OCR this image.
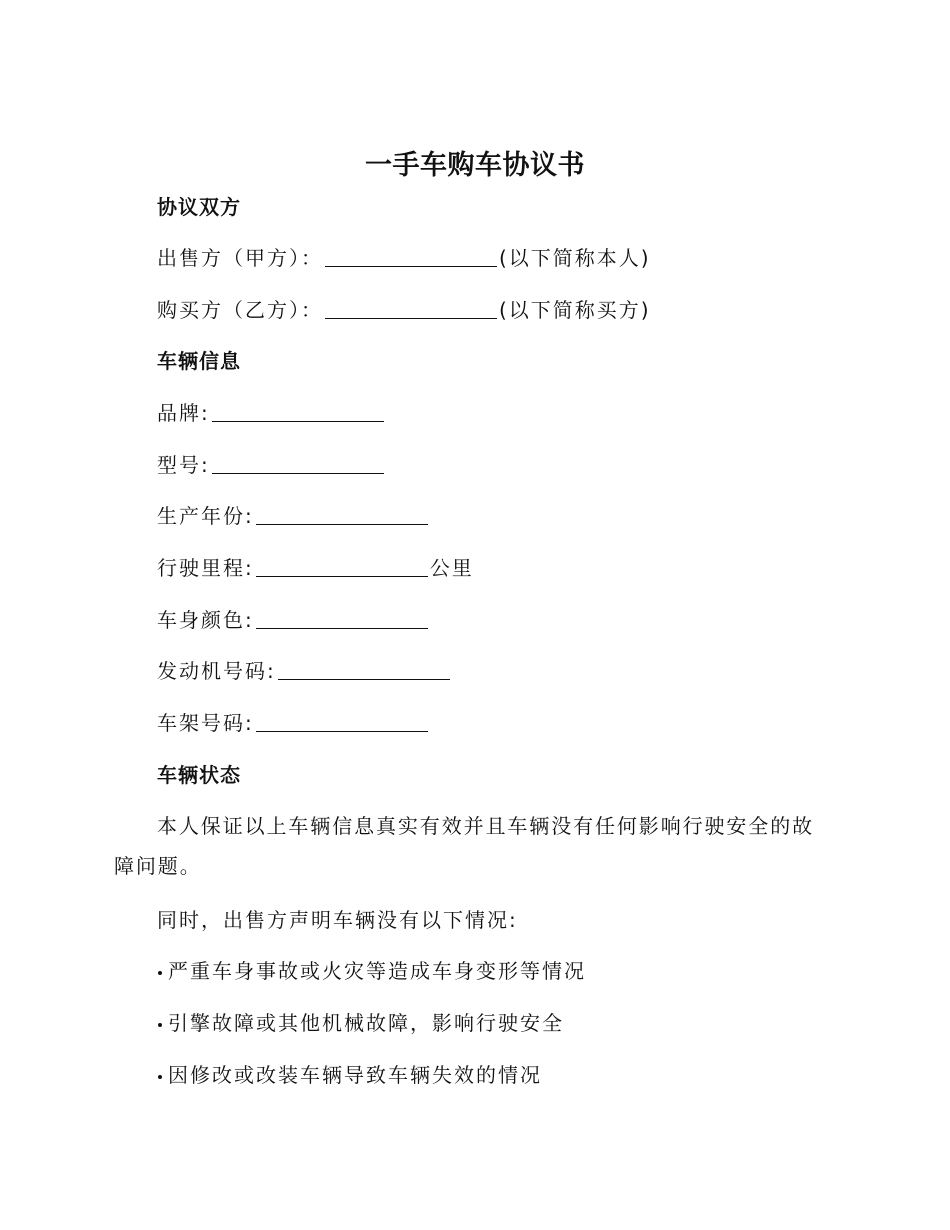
一手车购车协议书
协议双方
出售方（甲方）：	(以下简称本人)
购买方（乙方）：	(以下简称买方)
车辆信息
品牌:
型号:
生产年份:
行驶里程:	公里
车身颜色:
发动机号码:
车架号码:
车辆状态
本人保证以上车辆信息真实有效并且车辆没有任何影响行驶安全的故障问题。
同时，出售方声明车辆没有以下情况:
严重车身事故或火灾等造成车身变形等情况
引擎故障或其他机械故障，影响行驶安全
因修改或改装车辆导致车辆失效的情况
